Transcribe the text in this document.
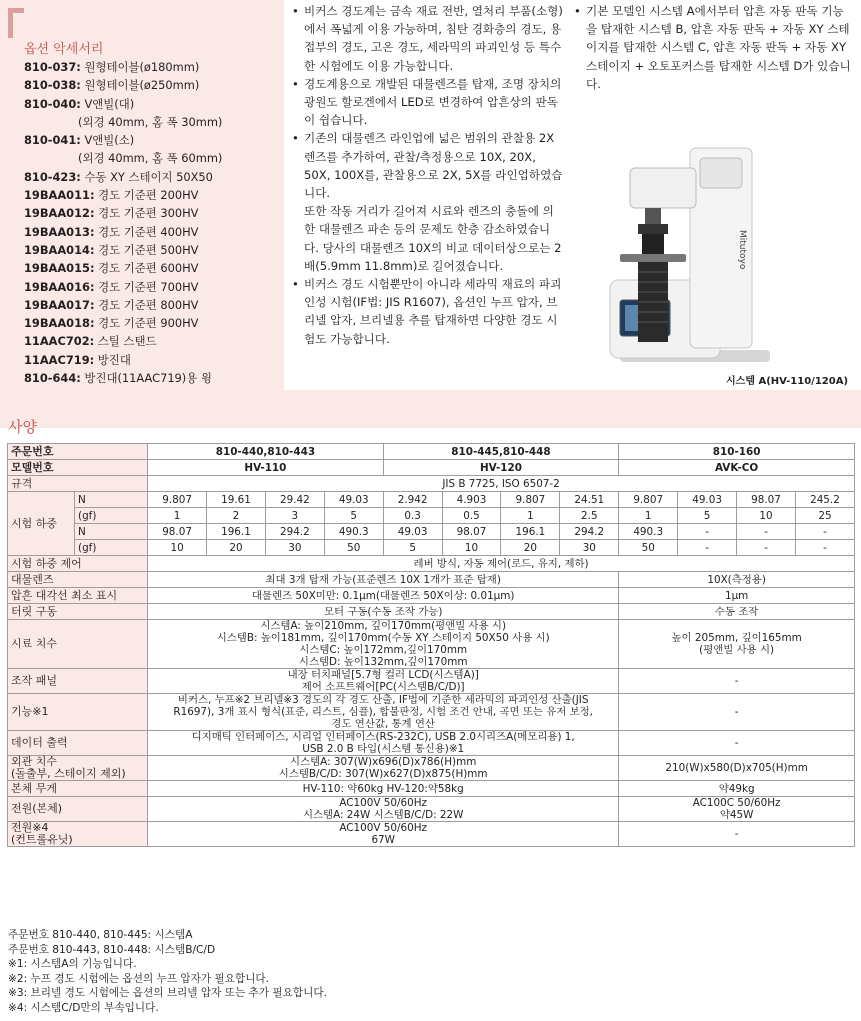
옵션 악세서리
810-037: 원형테이블(ø180mm)
810-038: 원형테이블(ø250mm)
810-040: V앤빌(대)
(외경 40mm, 홈 폭 30mm)
810-041: V앤빌(소)
(외경 40mm, 홈 폭 60mm)
810-423: 수동 XY 스테이지 50X50
19BAA011: 경도 기준편 200HV
19BAA012: 경도 기준편 300HV
19BAA013: 경도 기준편 400HV
19BAA014: 경도 기준편 500HV
19BAA015: 경도 기준편 600HV
19BAA016: 경도 기준편 700HV
19BAA017: 경도 기준편 800HV
19BAA018: 경도 기준편 900HV
11AAC702: 스틸 스탠드
11AAC719: 방진대
810-644: 방진대(11AAC719)용 윙
• 비커스 경도계는 금속 재료 전반, 열처리 부품(소형)에서 폭넓게 이용 가능하며, 침탄 경화층의 경도, 용접부의 경도, 고온 경도, 세라믹의 파괴인성 등 특수한 시험에도 이용 가능합니다.
• 경도계용으로 개발된 대물렌즈를 탑재, 조명 장치의 광원도 할로겐에서 LED로 변경하여 압흔상의 판독이 쉽습니다.
• 기존의 대물렌즈 라인업에 넓은 범위의 관찰용 2X 렌즈를 추가하여, 관찰/측정용으로 10X, 20X, 50X, 100X를, 관찰용으로 2X, 5X를 라인업하였습니다.
또한 작동 거리가 길어져 시료와 렌즈의 충돌에 의한 대물렌즈 파손 등의 문제도 한층 감소하였습니다. 당사의 대물렌즈 10X의 비교 데이터상으로는 2배(5.9mm 11.8mm)로 길어졌습니다.
• 비커스 경도 시험뿐만이 아니라 세라믹 재료의 파괴 인성 시험(IF법: JIS R1607), 옵션인 누프 압자, 브리넬 압자, 브리넬용 추를 탑재하면 다양한 경도 시험도 가능합니다.
• 기본 모델인 시스템 A에서부터 압흔 자동 판독 기능을 탑재한 시스템 B, 압흔 자동 판독 + 자동 XY 스테이지를 탑재한 시스템 C, 압흔 자동 판독 + 자동 XY 스테이지 + 오토포커스를 탑재한 시스템 D가 있습니다.
Mitutoyo
시스템 A(HV-110/120A)
사양
주문번호		810-440,810-443				810-445,810-448				810-160			
모델번호		HV-110				HV-120				AVK-CO			
규격		JIS B 7725, ISO 6507-2											
시험 하중	N	9.807	19.61	29.42	49.03	2.942	4.903	9.807	24.51	9.807	49.03	98.07	245.2
	(gf)	1	2	3	5	0.3	0.5	1	2.5	1	5	10	25
	N	98.07	196.1	294.2	490.3	49.03	98.07	196.1	294.2	490.3	-	-	-
	(gf)	10	20	30	50	5	10	20	30	50	-	-	-
시험 하중 제어		레버 방식, 자동 제어(로드, 유지, 제하)											
대물렌즈		최대 3개 탑재 가능(표준렌즈 10X 1개가 표준 탑재)								10X(측정용)			
압흔 대각선 최소 표시		대물렌즈 50X미만: 0.1μm(대물렌즈 50X이상: 0.01μm)								1μm			
터릿 구동		모터 구동(수동 조작 가능)								수동 조작			
시료 치수		시스템A: 높이210mm, 깊이170mm(평앤빌 사용 시)
시스템B: 높이181mm, 깊이170mm(수동 XY 스테이지 50X50 사용 시)
시스템C: 높이172mm,깊이170mm
시스템D: 높이132mm,깊이170mm								높이 205mm, 깊이165mm
(평앤빌 사용 시)			
조작 패널		내장 터치패널[5.7형 컬러 LCD(시스템A)]
제어 소프트웨어[PC(시스템B/C/D)]								-			
기능※1		비커스, 누프※2 브리넬※3 경도의 각 경도 산출, IF법에 기준한 세라믹의 파괴인성 산출(JIS
R1697), 3개 표시 형식(표준, 리스트, 심플), 합불판정, 시험 조건 안내, 곡면 또는 유저 보정,
경도 연산값, 통계 연산								-			
데이터 출력		디지매틱 인터페이스, 시리얼 인터페이스(RS-232C), USB 2.0시리즈A(메모리용) 1,
USB 2.0 B 타입(시스템 통신용)※1								-			
외관 치수
(돌출부, 스테이지 제외)		시스템A: 307(W)x696(D)x786(H)mm
시스템B/C/D: 307(W)x627(D)x875(H)mm								210(W)x580(D)x705(H)mm			
본체 무게		HV-110: 약60kg HV-120:약58kg								약49kg			
전원(본체)		AC100V 50/60Hz
시스템A: 24W 시스템B/C/D: 22W								AC100C 50/60Hz
약45W			
전원※4
(컨트롤유닛)		AC100V 50/60Hz
67W								-			
주문번호 810-440, 810-445: 시스템A
주문번호 810-443, 810-448: 시스템B/C/D
※1: 시스템A의 기능입니다.
※2: 누프 경도 시험에는 옵션의 누프 압자가 필요합니다.
※3: 브리넬 경도 시험에는 옵션의 브리넬 압자 또는 추가 필요합니다.
※4: 시스템C/D만의 부속입니다.
